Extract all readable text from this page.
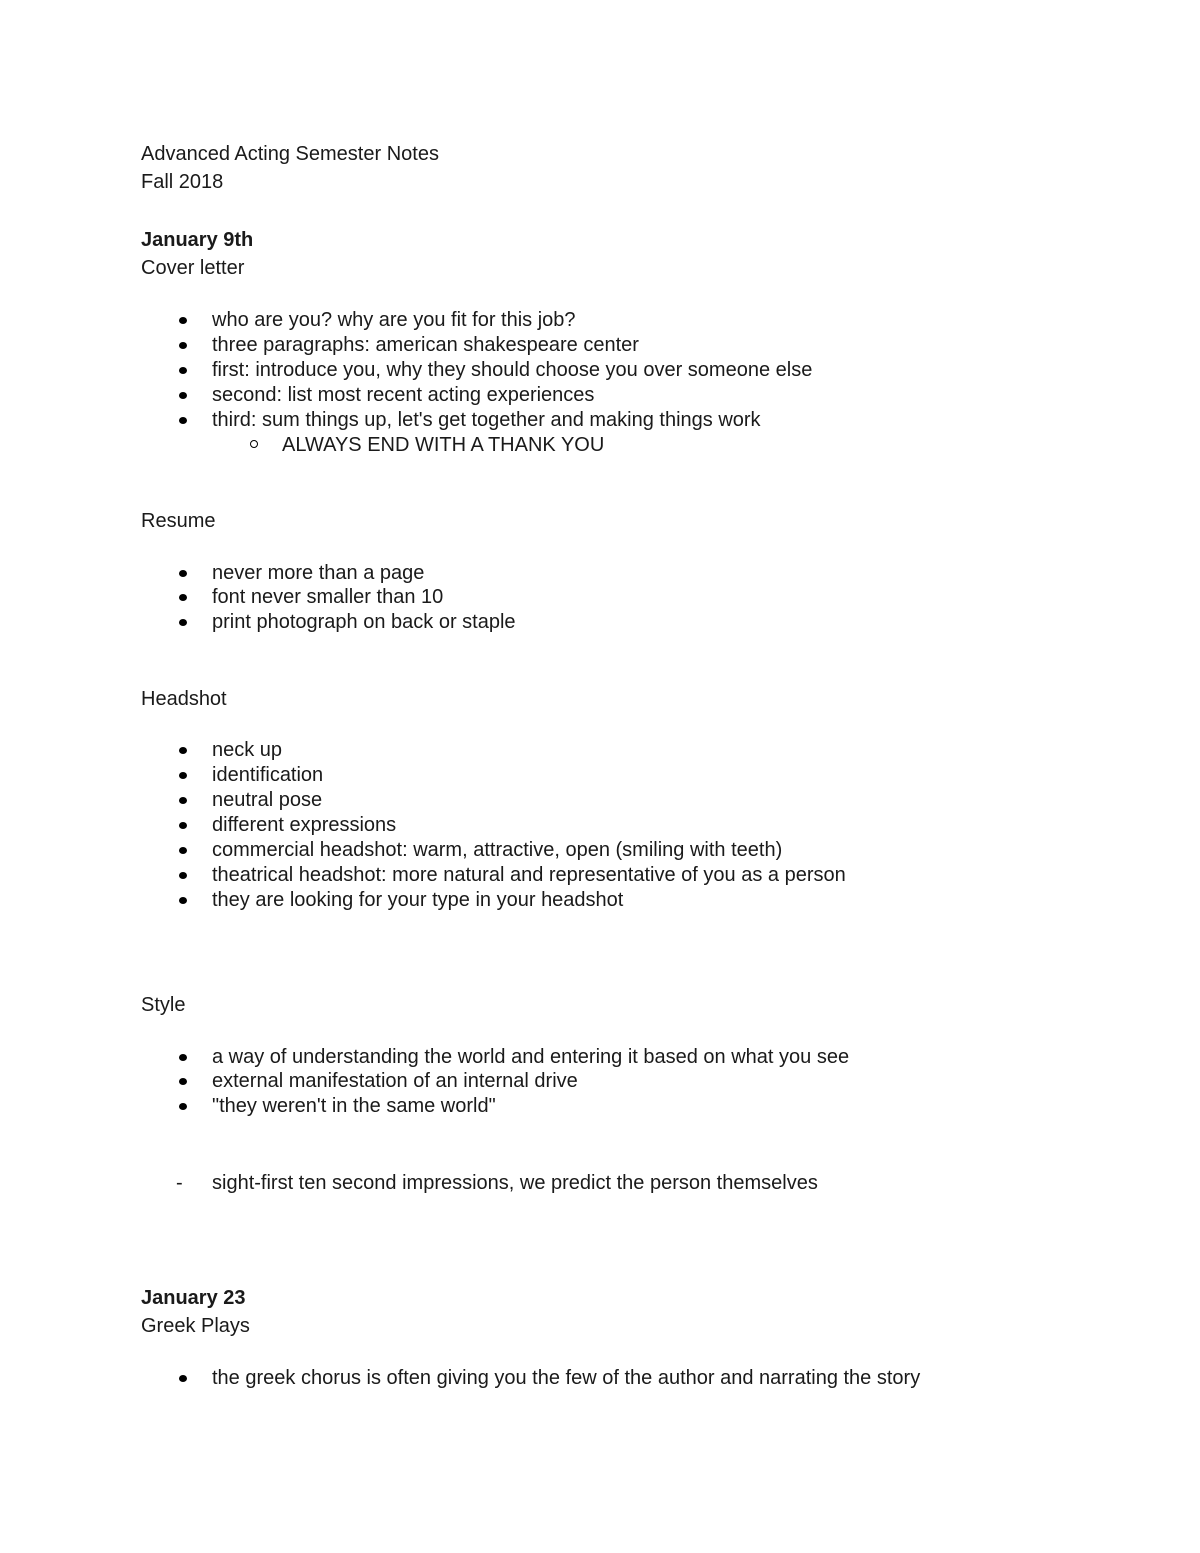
Advanced Acting Semester Notes
Fall 2018
January 9th
Cover letter
who are you? why are you fit for this job?
three paragraphs: american shakespeare center
first: introduce you, why they should choose you over someone else
second: list most recent acting experiences
third: sum things up, let's get together and making things work
ALWAYS END WITH A THANK YOU
Resume
never more than a page
font never smaller than 10
print photograph on back or staple
Headshot
neck up
identification
neutral pose
different expressions
commercial headshot: warm, attractive, open (smiling with teeth)
theatrical headshot: more natural and representative of you as a person
they are looking for your type in your headshot
Style
a way of understanding the world and entering it based on what you see
external manifestation of an internal drive
"they weren't in the same world"
- sight-first ten second impressions, we predict the person themselves
January 23
Greek Plays
the greek chorus is often giving you the few of the author and narrating the story
